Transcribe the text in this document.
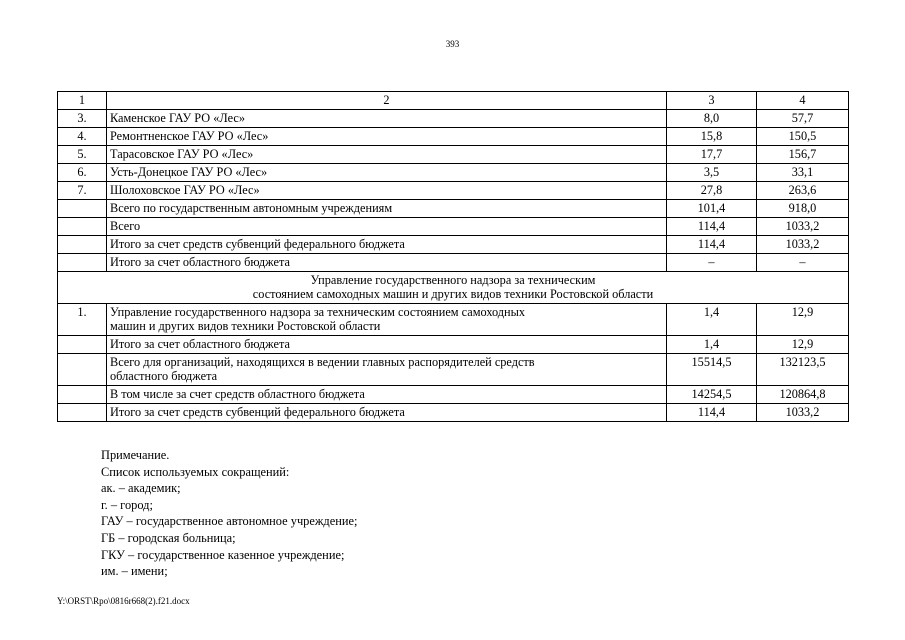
393
1	2	3	4
3.	Каменское ГАУ РО «Лес»	8,0	57,7
4.	Ремонтненское ГАУ РО «Лес»	15,8	150,5
5.	Тарасовское ГАУ РО «Лес»	17,7	156,7
6.	Усть-Донецкое ГАУ РО «Лес»	3,5	33,1
7.	Шолоховское ГАУ РО «Лес»	27,8	263,6
	Всего по государственным автономным учреждениям	101,4	918,0
	Всего	114,4	1033,2
	Итого за счет средств субвенций федерального бюджета	114,4	1033,2
	Итого за счет областного бюджета	–	–

Управление государственного надзора за техническим
состоянием самоходных машин и других видов техники Ростовской области			

1.	Управление государственного надзора за техническим состоянием самоходных
машин и других видов техники Ростовской области	1,4	12,9
	Итого за счет областного бюджета	1,4	12,9

	Всего для организаций, находящихся в ведении главных распорядителей средств
областного бюджета	15514,5	132123,5
	В том числе за счет средств областного бюджета	14254,5	120864,8
	Итого за счет средств субвенций федерального бюджета	114,4	1033,2
Примечание.
Список используемых сокращений:
ак. – академик;
г. – город;
ГАУ – государственное автономное учреждение;
ГБ – городская больница;
ГКУ – государственное казенное учреждение;
им. – имени;
Y:\ORST\Rpo\0816r668(2).f21.docx
